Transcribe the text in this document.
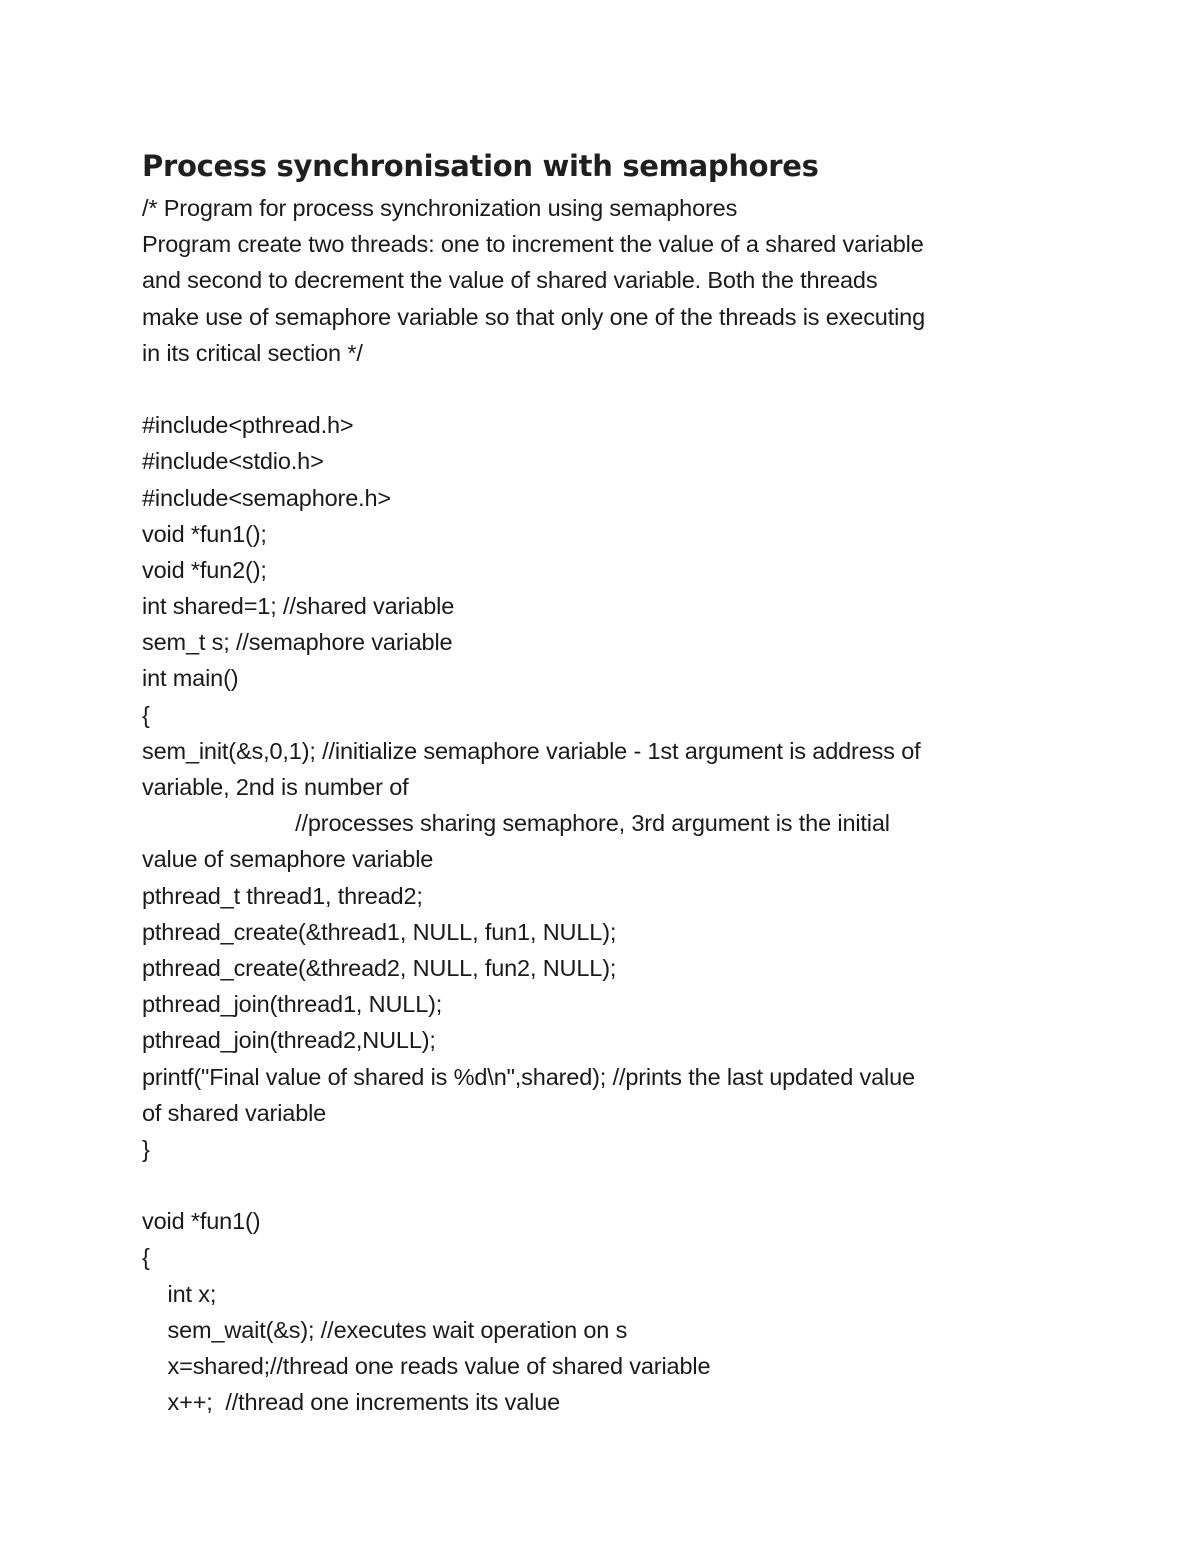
Process synchronisation with semaphores
/* Program for process synchronization using semaphores
Program create two threads: one to increment the value of a shared variable
and second to decrement the value of shared variable. Both the threads
make use of semaphore variable so that only one of the threads is executing
in its critical section */
#include<pthread.h>
#include<stdio.h>
#include<semaphore.h>
void *fun1();
void *fun2();
int shared=1; //shared variable
sem_t s; //semaphore variable
int main()
{
sem_init(&s,0,1); //initialize semaphore variable - 1st argument is address of
variable, 2nd is number of
//processes sharing semaphore, 3rd argument is the initial
value of semaphore variable
pthread_t thread1, thread2;
pthread_create(&thread1, NULL, fun1, NULL);
pthread_create(&thread2, NULL, fun2, NULL);
pthread_join(thread1, NULL);
pthread_join(thread2,NULL);
printf("Final value of shared is %d\n",shared); //prints the last updated value
of shared variable
}
void *fun1()
{
int x;
sem_wait(&s); //executes wait operation on s
x=shared;//thread one reads value of shared variable
x++;  //thread one increments its value
